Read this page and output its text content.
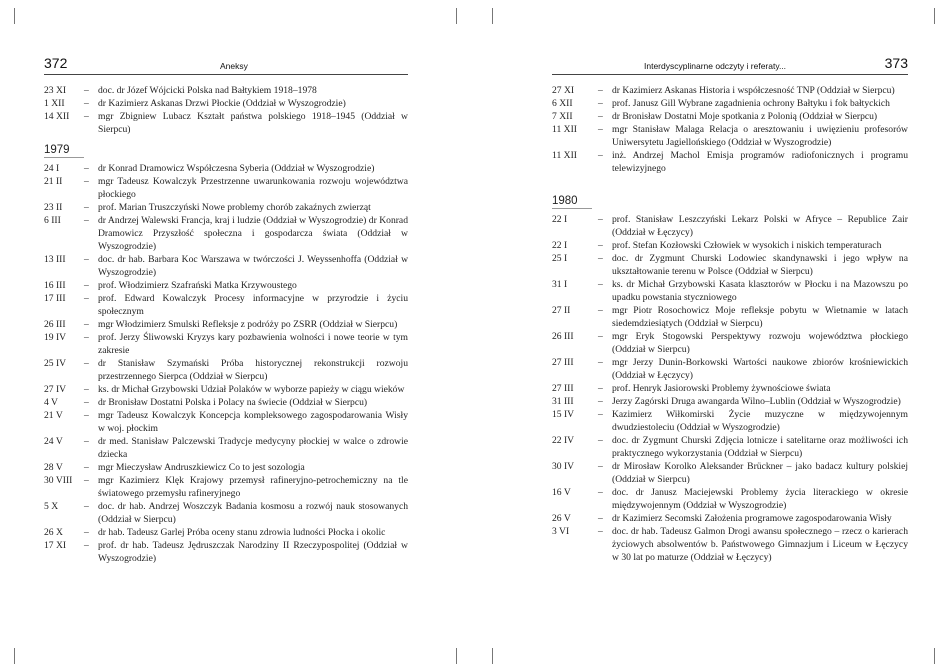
372	Aneksy
23 XI	– doc. dr Józef Wójcicki Polska nad Bałtykiem 1918–1978
1 XII	– dr Kazimierz Askanas Drzwi Płockie (Oddział w Wyszogrodzie)
14 XII	– mgr Zbigniew Lubacz Kształt państwa polskiego 1918–1945 (Oddział w Sierpcu)
1979
24 I	– dr Konrad Dramowicz Współczesna Syberia (Oddział w Wyszogrodzie)
21 II	– mgr Tadeusz Kowalczyk Przestrzenne uwarunkowania rozwoju województwa płockiego
23 II	– prof. Marian Truszczyński Nowe problemy chorób zakaźnych zwierząt
6 III	– dr Andrzej Walewski Francja, kraj i ludzie (Oddział w Wyszogrodzie) dr Konrad Dramowicz Przyszłość społeczna i gospodarcza świata (Oddział w Wyszogrodzie)
13 III	– doc. dr hab. Barbara Koc Warszawa w twórczości J. Weyssenhoffa (Oddział w Wyszogrodzie)
16 III	– prof. Włodzimierz Szafrański Matka Krzywoustego
17 III	– prof. Edward Kowalczyk Procesy informacyjne w przyrodzie i życiu społecznym
26 III	– mgr Włodzimierz Smulski Refleksje z podróży po ZSRR (Oddział w Sierpcu)
19 IV	– prof. Jerzy Śliwowski Kryzys kary pozbawienia wolności i nowe teorie w tym zakresie
25 IV	– dr Stanisław Szymański Próba historycznej rekonstrukcji rozwoju przestrzennego Sierpca (Oddział w Sierpcu)
27 IV	– ks. dr Michał Grzybowski Udział Polaków w wyborze papieży w ciągu wieków
4 V	– dr Bronisław Dostatni Polska i Polacy na świecie (Oddział w Sierpcu)
21 V	– mgr Tadeusz Kowalczyk Koncepcja kompleksowego zagospodarowania Wisły w woj. płockim
24 V	– dr med. Stanisław Palczewski Tradycje medycyny płockiej w walce o zdrowie dziecka
28 V	– mgr Mieczysław Andruszkiewicz Co to jest sozologia
30 VIII	– mgr Kazimierz Klęk Krajowy przemysł rafineryjno-petrochemiczny na tle światowego przemysłu rafineryjnego
5 X	– doc. dr hab. Andrzej Woszczyk Badania kosmosu a rozwój nauk stosowanych (Oddział w Sierpcu)
26 X	– dr hab. Tadeusz Garlej Próba oceny stanu zdrowia ludności Płocka i okolic
17 XI	– prof. dr hab. Tadeusz Jędruszczak Narodziny II Rzeczypospolitej (Oddział w Wyszogrodzie)
Interdyscyplinarne odczyty i referaty...	373
27 XI	– dr Kazimierz Askanas Historia i współczesność TNP (Oddział w Sierpcu)
6 XII	– prof. Janusz Gill Wybrane zagadnienia ochrony Bałtyku i fok bałtyckich
7 XII	– dr Bronisław Dostatni Moje spotkania z Polonią (Oddział w Sierpcu)
11 XII	– mgr Stanisław Malaga Relacja o aresztowaniu i uwięzieniu profesorów Uniwersytetu Jagiellońskiego (Oddział w Wyszogrodzie)
11 XII	– inż. Andrzej Machol Emisja programów radiofonicznych i programu telewizyjnego
1980
22 I	– prof. Stanisław Leszczyński Lekarz Polski w Afryce – Republice Zair (Oddział w Łęczycy)
22 I	– prof. Stefan Kozłowski Człowiek w wysokich i niskich temperaturach
25 I	– doc. dr Zygmunt Churski Lodowiec skandynawski i jego wpływ na ukształtowanie terenu w Polsce (Oddział w Sierpcu)
31 I	– ks. dr Michał Grzybowski Kasata klasztorów w Płocku i na Mazowszu po upadku powstania styczniowego
27 II	– mgr Piotr Rosochowicz Moje refleksje pobytu w Wietnamie w latach siedemdziesiątych (Oddział w Sierpcu)
26 III	– mgr Eryk Stogowski Perspektywy rozwoju województwa płockiego (Oddział w Sierpcu)
27 III	– mgr Jerzy Dunin-Borkowski Wartości naukowe zbiorów krośniewickich (Oddział w Łęczycy)
27 III	– prof. Henryk Jasiorowski Problemy żywnościowe świata
31 III	– Jerzy Zagórski Druga awangarda Wilno–Lublin (Oddział w Wyszogrodzie)
15 IV	– Kazimierz Wiłkomirski Życie muzyczne w międzywojennym dwudziestoleciu (Oddział w Wyszogrodzie)
22 IV	– doc. dr Zygmunt Churski Zdjęcia lotnicze i satelitarne oraz możliwości ich praktycznego wykorzystania (Oddział w Sierpcu)
30 IV	– dr Mirosław Korolko Aleksander Brückner – jako badacz kultury polskiej (Oddział w Sierpcu)
16 V	– doc. dr Janusz Maciejewski Problemy życia literackiego w okresie międzywojennym (Oddział w Wyszogrodzie)
26 V	– dr Kazimierz Secomski Założenia programowe zagospodarowania Wisły
3 VI	– doc. dr hab. Tadeusz Galmon Drogi awansu społecznego – rzecz o karierach życiowych absolwentów b. Państwowego Gimnazjum i Liceum w Łęczycy w 30 lat po maturze (Oddział w Łęczycy)
